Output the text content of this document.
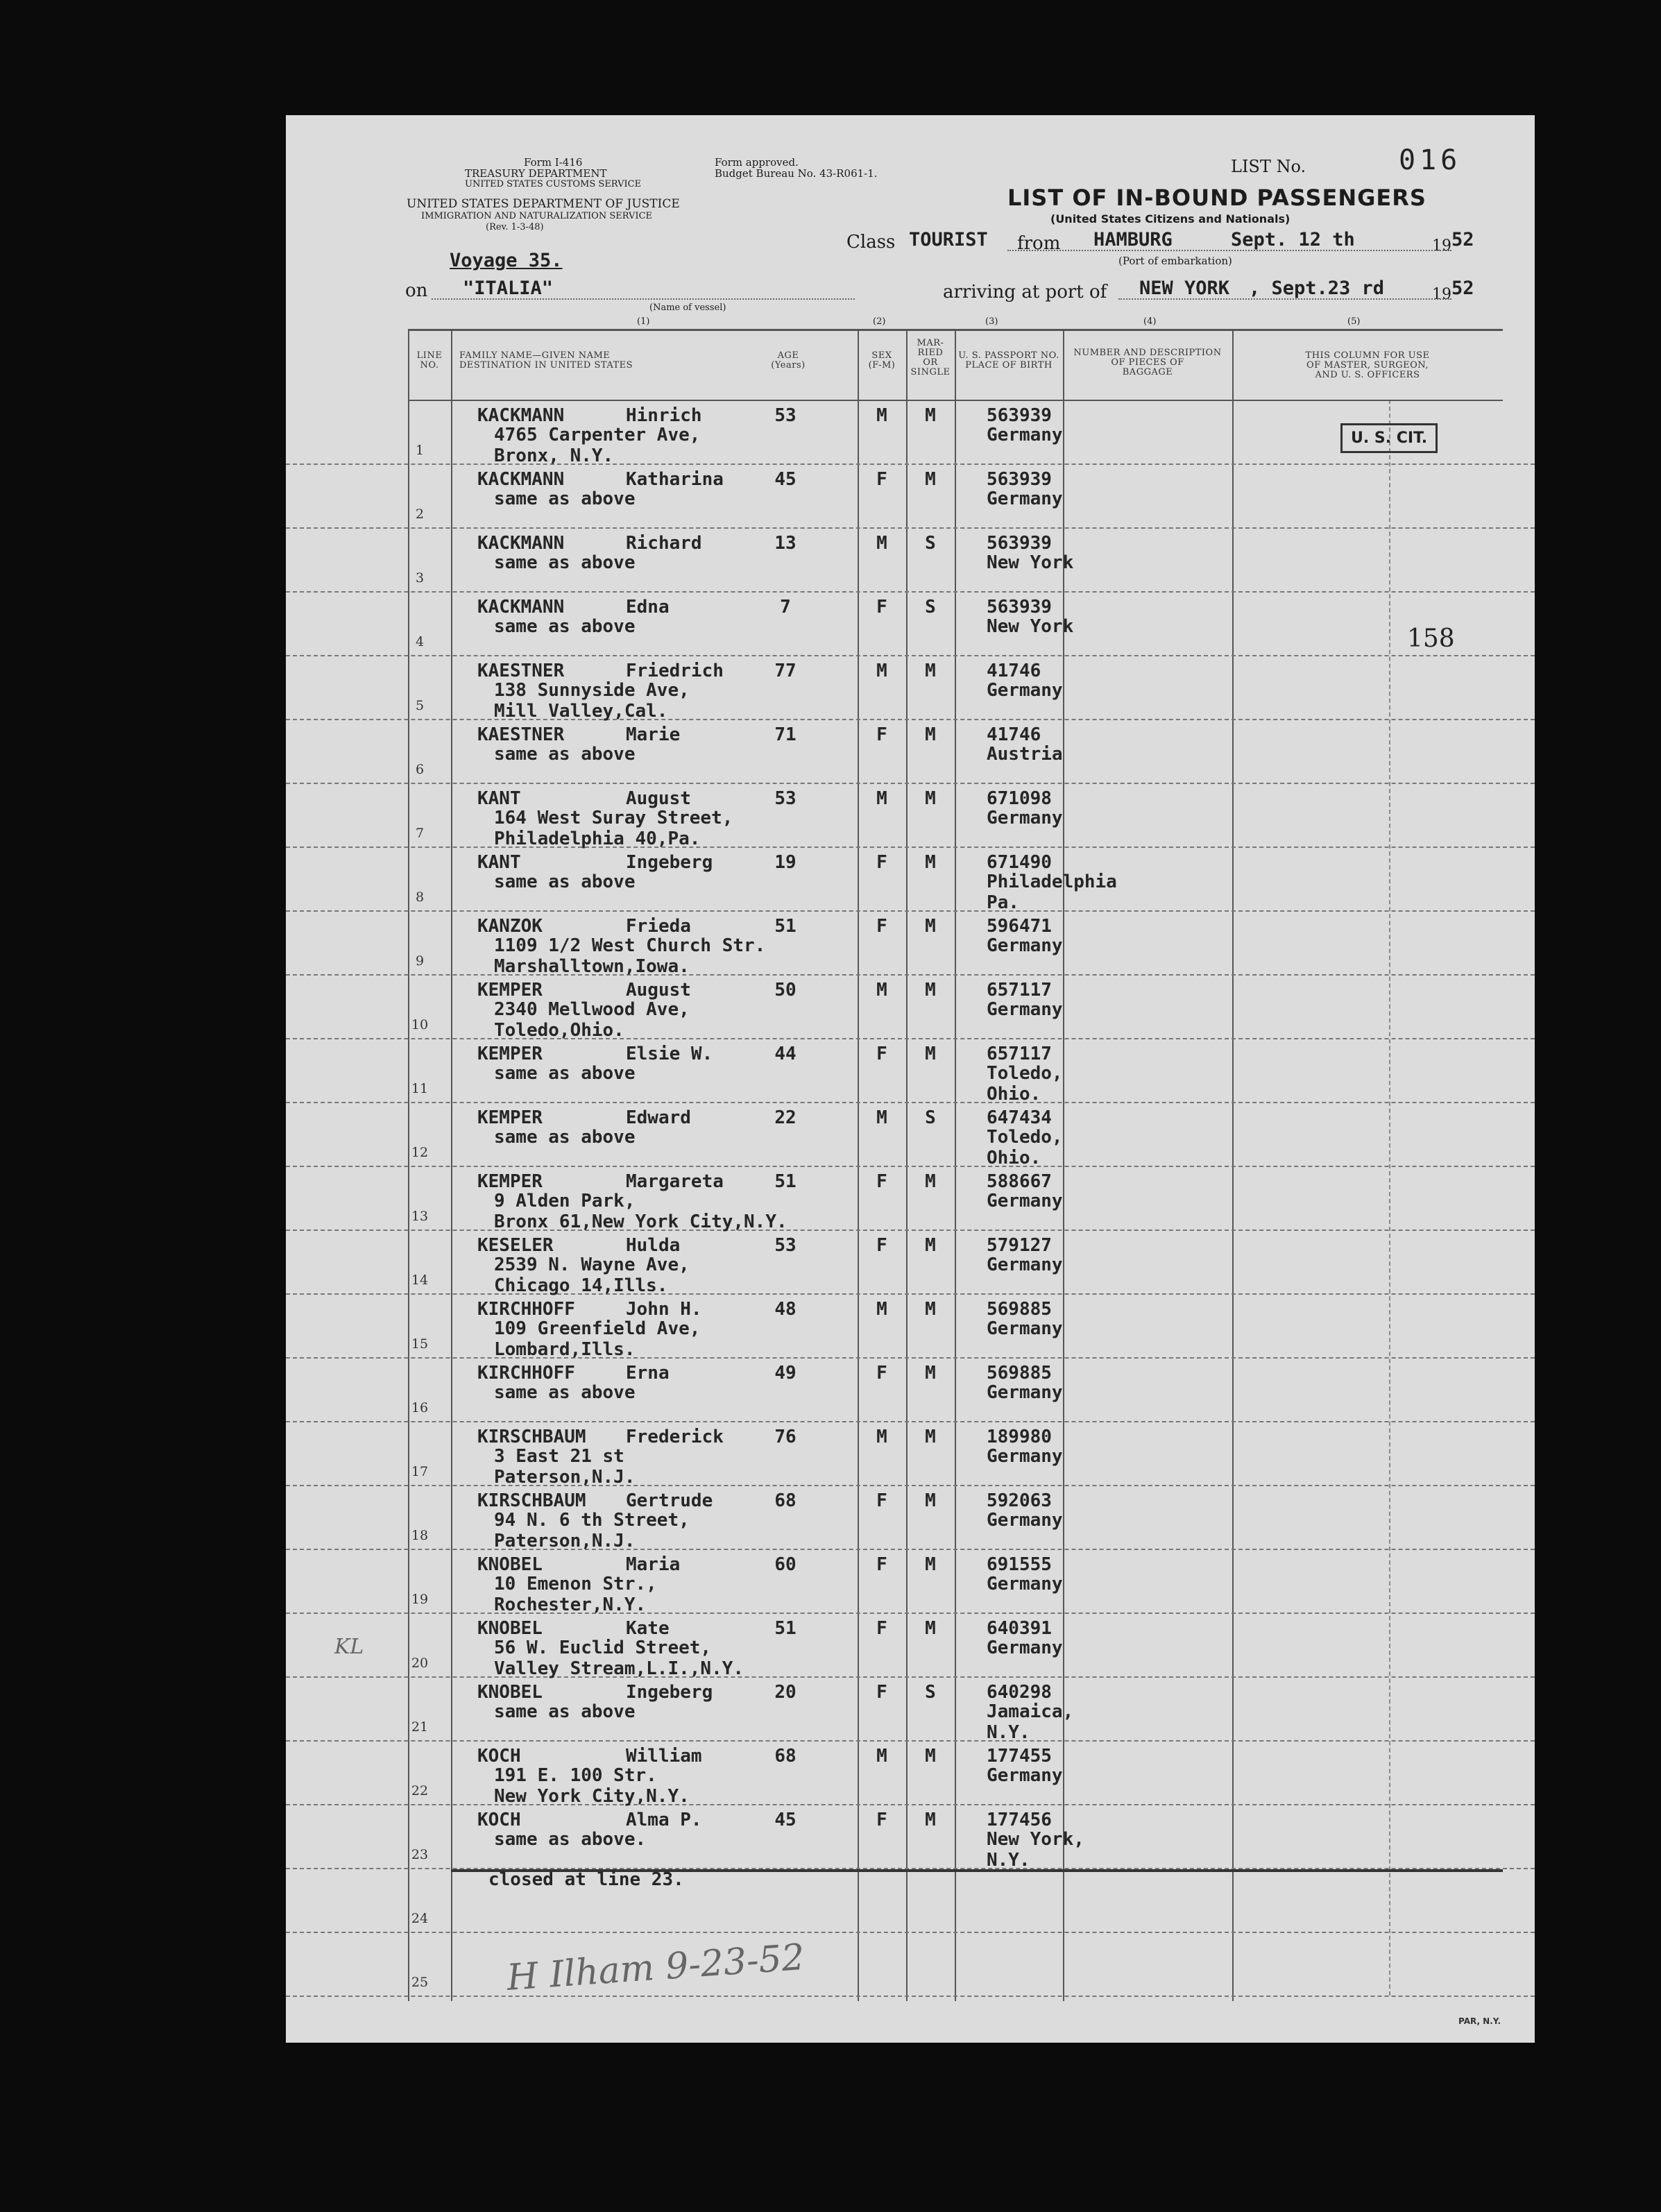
Form I-416
TREASURY DEPARTMENT
UNITED STATES CUSTOMS SERVICE
Form approved.
Budget Bureau No. 43-R061-1.
UNITED STATES DEPARTMENT OF JUSTICE
IMMIGRATION AND NATURALIZATION SERVICE
(Rev. 1-3-48)
LIST No.	016
LIST OF IN-BOUND PASSENGERS
(United States Citizens and Nationals)
Class TOURIST from HAMBURG	Sept. 12 th	19 52
(Port of embarkation)
Voyage 35.
on "ITALIA"
(Name of vessel)
arriving at port of NEW YORK , Sept.23 rd	19 52
(1)	(2)	(3)	(4)	(5)
LINE
NO.
FAMILY NAME—GIVEN NAME
DESTINATION IN UNITED STATES
AGE
(Years)
SEX
(F-M)
MAR-
RIED
OR
SINGLE
U. S. PASSPORT NO.
PLACE OF BIRTH
NUMBER AND DESCRIPTION
OF PIECES OF
BAGGAGE
THIS COLUMN FOR USE
OF MASTER, SURGEON,
AND U. S. OFFICERS
1
KACKMANN	Hinrich
4765 Carpenter Ave,
Bronx, N.Y.
53	M	M	563939
Germany
2
KACKMANN	Katharina
same as above
45	F	M	563939
Germany
3
KACKMANN	Richard
same as above
13	M	S	563939
New York
4
KACKMANN	Edna
same as above
7	F	S	563939
New York
5
KAESTNER	Friedrich
138 Sunnyside Ave,
Mill Valley,Cal.
77	M	M	41746
Germany
6
KAESTNER	Marie
same as above
71	F	M	41746
Austria
7
KANT	August
164 West Suray Street,
Philadelphia 40,Pa.
53	M	M	671098
Germany
8
KANT	Ingeberg
same as above
19	F	M	671490
Philadelphia
Pa.
9
KANZOK	Frieda
1109 1/2 West Church Str.
Marshalltown,Iowa.
51	F	M	596471
Germany
10
KEMPER	August
2340 Mellwood Ave,
Toledo,Ohio.
50	M	M	657117
Germany
11
KEMPER	Elsie W.
same as above
44	F	M	657117
Toledo,
Ohio.
12
KEMPER	Edward
same as above
22	M	S	647434
Toledo,
Ohio.
13
KEMPER	Margareta
9 Alden Park,
Bronx 61,New York City,N.Y.
51	F	M	588667
Germany
14
KESELER	Hulda
2539 N. Wayne Ave,
Chicago 14,Ills.
53	F	M	579127
Germany
15
KIRCHHOFF	John H.
109 Greenfield Ave,
Lombard,Ills.
48	M	M	569885
Germany
16
KIRCHHOFF	Erna
same as above
49	F	M	569885
Germany
17
KIRSCHBAUM Frederick
3 East 21 st
Paterson,N.J.
76	M	M	189980
Germany
18
KIRSCHBAUM Gertrude
94 N. 6 th Street,
Paterson,N.J.
68	F	M	592063
Germany
19
KNOBEL	Maria
10 Emenon Str.,
Rochester,N.Y.
60	F	M	691555
Germany
20
KNOBEL	Kate
56 W. Euclid Street,
Valley Stream,L.I.,N.Y.
51	F	M	640391
Germany
21
KNOBEL	Ingeberg
same as above
20	F	S	640298
Jamaica,
N.Y.
22
KOCH	William
191 E. 100 Str.
New York City,N.Y.
68	M	M	177455
Germany
23
KOCH	Alma P.
same as above.
45	F	M	177456
New York,
N.Y.
24
25
closed at line 23.
U. S. CIT.
158
H Ilham 9-23-52
KL
PAR, N.Y.
